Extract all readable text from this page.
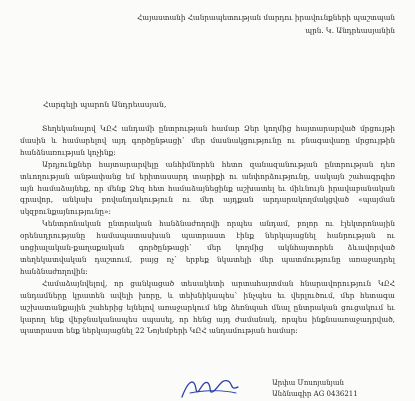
Հայաստանի Հանրապետության մարդու իրավունքների պաշտպան
պրն. Կ. Անդրեասյանին
Հարգելի պարոն Անդրեասյան,

Տեղեկանալով ԿԸՀ անդամի ընտրության համար Ձեր կողմից հայտարարված մրցույթի մասին և համարելով այդ գործընթացի` մեր մասնակցությունը ու բնագավառը մրցույթին հանձնառության կոչինք:

Արդյունքներ հայտարարվելը անհիմնորեն հետո զանազանության ընտրության դեռ տևողության անթափանց եմ երիտասարդ տարիքի ու անփորձությունը, սակայն շահագրգիռ այն համաձայնեք, որ մենք Ձեզ հետ համաձայնեցինք աշխատել եւ միևնույն իրավաբանական գրավոր, անկախ բովանդակություն ու մեր այդքան արդարակողմակցված «պայման սկզբունքայնությունը»:

Կենտրոնական ընտրական հանձնաժողովի որպես անդամ, բոլոր ու էլեկտրոնային օրենսդրությանը համապատասխան պատրաստ էինք ներկայացնել հանրության ու սոցիալական-քաղաքական գործընթացի` մեր կողմից ակնհայտորեն ձևավորված տեղեկատվական դաշտում, բայց ոչ` երբեք նկատելի մեր պատմությունը առաջադրել հանձնաժողովին:

Համաձայնվելով, որ ցանկացած տեսակետի արտահայտման հնարավորություն ԿԸՀ անդամները կրատեն ավելի խորը, և տեխնիկապես` ինչպես եւ վերլուծում, մեր հետագա աշխատանքային շահերից ելնելով առաջարկում ենք ձեռնպահ մնալ ընտրական ցուցակում եւ կարող ենք վերջնականապես սպասել, որ հենց այդ ժամանակ, որպես ինքնաառաջադրված, պատրաստ ենք ներկայացնել 22 Նոյեմբերի ԿԸՀ անդամության համար:

Արփա Մոսոյանյան
Անձնագիր AG 0436211
